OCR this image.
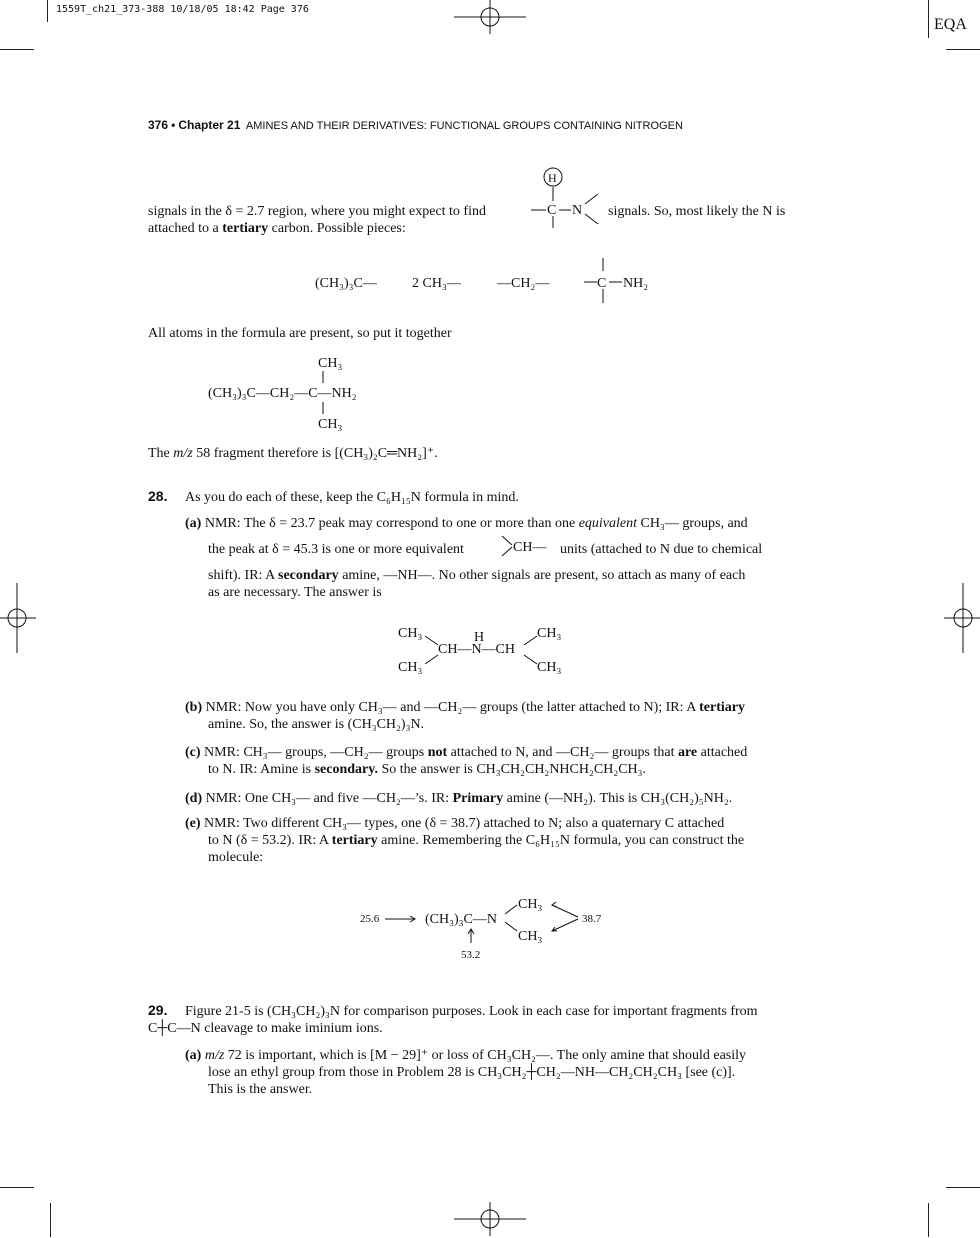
1559T_ch21_373-388 10/18/05 18:42 Page 376
EQA
376 • Chapter 21 AMINES AND THEIR DERIVATIVES: FUNCTIONAL GROUPS CONTAINING NITROGEN
signals in the δ = 2.7 region, where you might expect to find
H
C N signals. So, most likely the N is
attached to a tertiary carbon. Possible pieces:
(CH₃)₃C—	2 CH₃—	—CH₂—	C NH₂
All atoms in the formula are present, so put it together
CH₃
(CH₃)₃C—CH₂—C—NH₂
CH₃
The m/z 58 fragment therefore is [(CH₃)₂C═NH₂]⁺.
28. As you do each of these, keep the C₆H₁₅N formula in mind.
(a) NMR: The δ = 23.7 peak may correspond to one or more than one equivalent CH₃— groups, and
the peak at δ = 45.3 is one or more equivalent	CH— units (attached to N due to chemical
shift). IR: A secondary amine, —NH—. No other signals are present, so attach as many of each
as are necessary. The answer is
CH₃	CH₃
H
CH—N—CH
CH₃	CH₃
(b) NMR: Now you have only CH₃— and —CH₂— groups (the latter attached to N); IR: A tertiary
amine. So, the answer is (CH₃CH₂)₃N.
(c) NMR: CH₃— groups, —CH₂— groups not attached to N, and —CH₂— groups that are attached
to N. IR: Amine is secondary. So the answer is CH₃CH₂CH₂NHCH₂CH₂CH₃.
(d) NMR: One CH₃— and five —CH₂—’s. IR: Primary amine (—NH₂). This is CH₃(CH₂)₅NH₂.
(e) NMR: Two different CH₃— types, one (δ = 38.7) attached to N; also a quaternary C attached
to N (δ = 53.2). IR: A tertiary amine. Remembering the C₆H₁₅N formula, you can construct the
molecule:
25.6	(CH₃)₃C—N
CH₃
CH₃
38.7
53.2
29. Figure 21-5 is (CH₃CH₂)₃N for comparison purposes. Look in each case for important fragments from
C┼C—N cleavage to make iminium ions.
(a) m/z 72 is important, which is [M − 29]⁺ or loss of CH₃CH₂—. The only amine that should easily
lose an ethyl group from those in Problem 28 is CH₃CH₂┼CH₂—NH—CH₂CH₂CH₃ [see (c)].
This is the answer.
